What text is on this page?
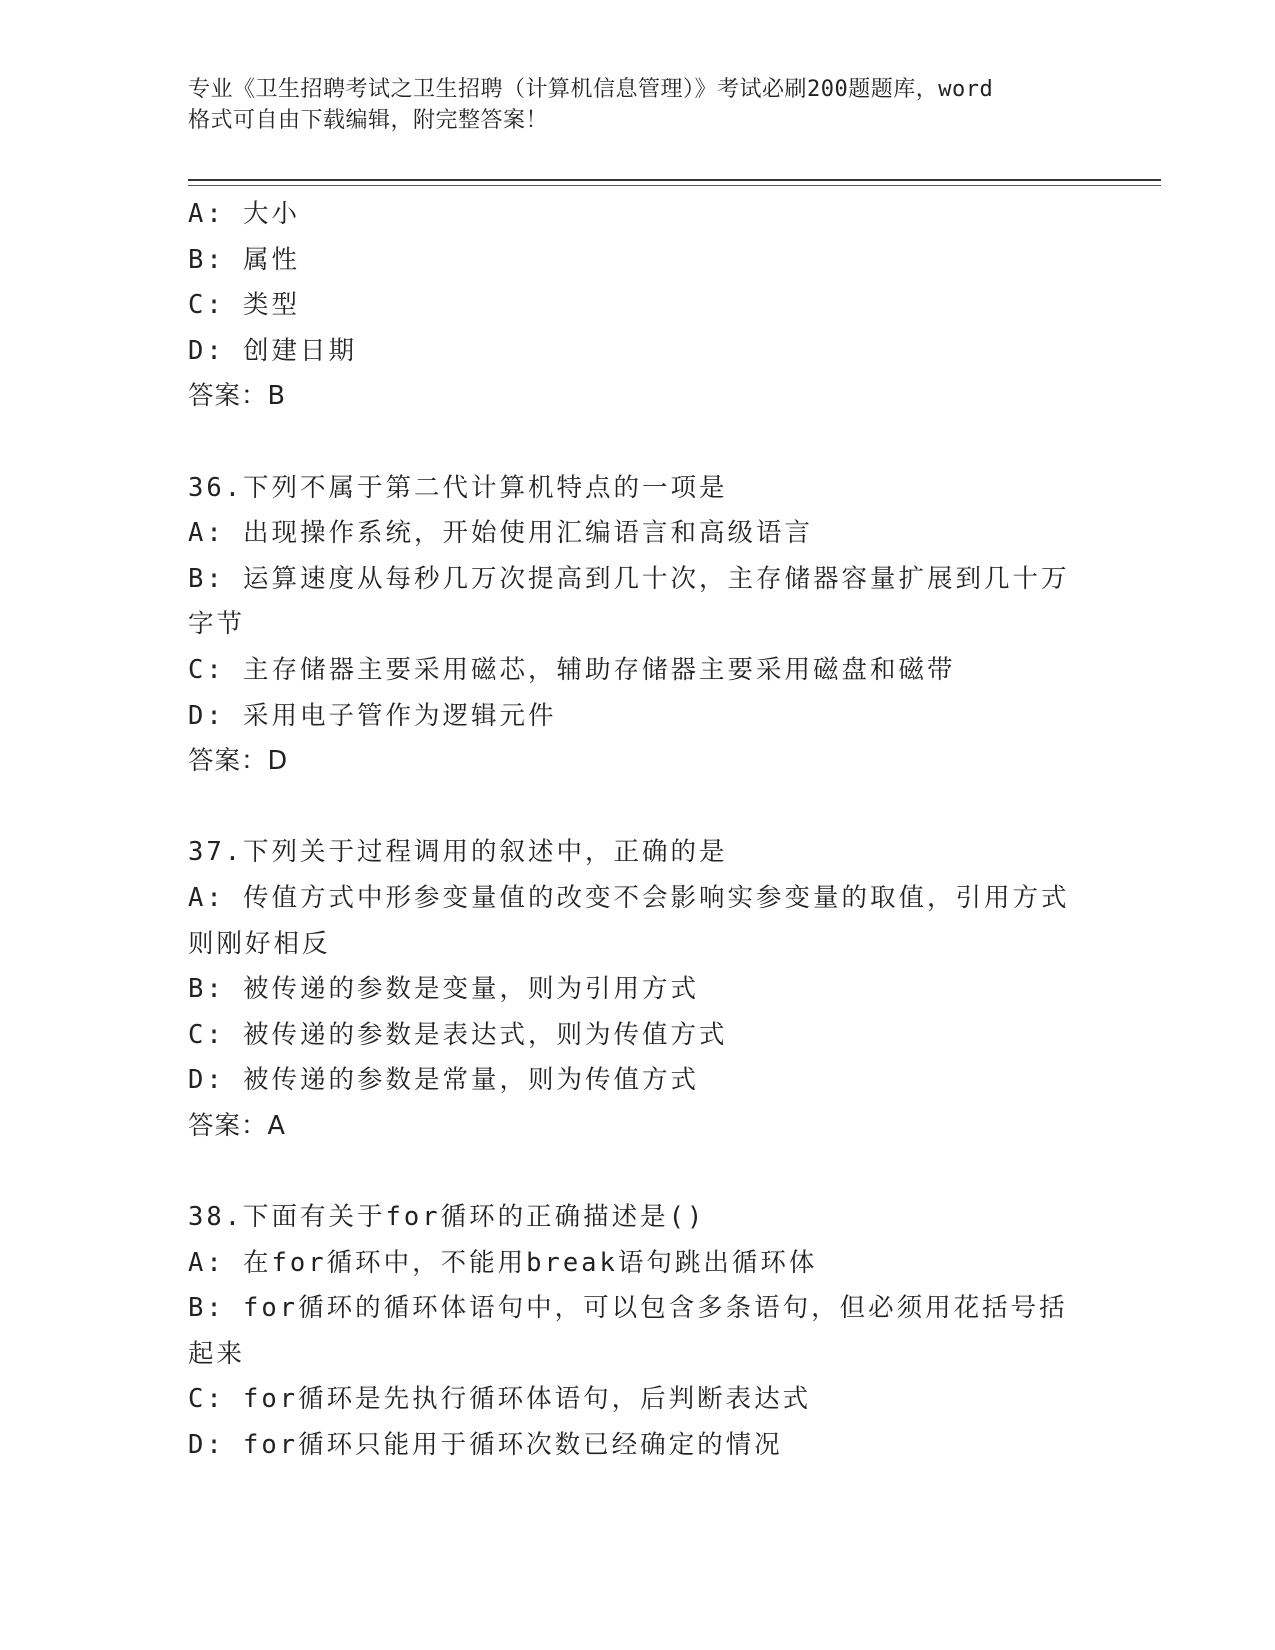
专业《卫生招聘考试之卫生招聘（计算机信息管理）》考试必刷200题题库，word
格式可自由下载编辑，附完整答案！
A: 大小
B: 属性
C: 类型
D: 创建日期
答案：B
36.下列不属于第二代计算机特点的一项是
A: 出现操作系统，开始使用汇编语言和高级语言
B: 运算速度从每秒几万次提高到几十次，主存储器容量扩展到几十万
字节
C: 主存储器主要采用磁芯，辅助存储器主要采用磁盘和磁带
D: 采用电子管作为逻辑元件
答案：D
37.下列关于过程调用的叙述中，正确的是
A: 传值方式中形参变量值的改变不会影响实参变量的取值，引用方式
则刚好相反
B: 被传递的参数是变量，则为引用方式
C: 被传递的参数是表达式，则为传值方式
D: 被传递的参数是常量，则为传值方式
答案：A
38.下面有关于for循环的正确描述是()
A: 在for循环中，不能用break语句跳出循环体
B: for循环的循环体语句中，可以包含多条语句，但必须用花括号括
起来
C: for循环是先执行循环体语句，后判断表达式
D: for循环只能用于循环次数已经确定的情况
